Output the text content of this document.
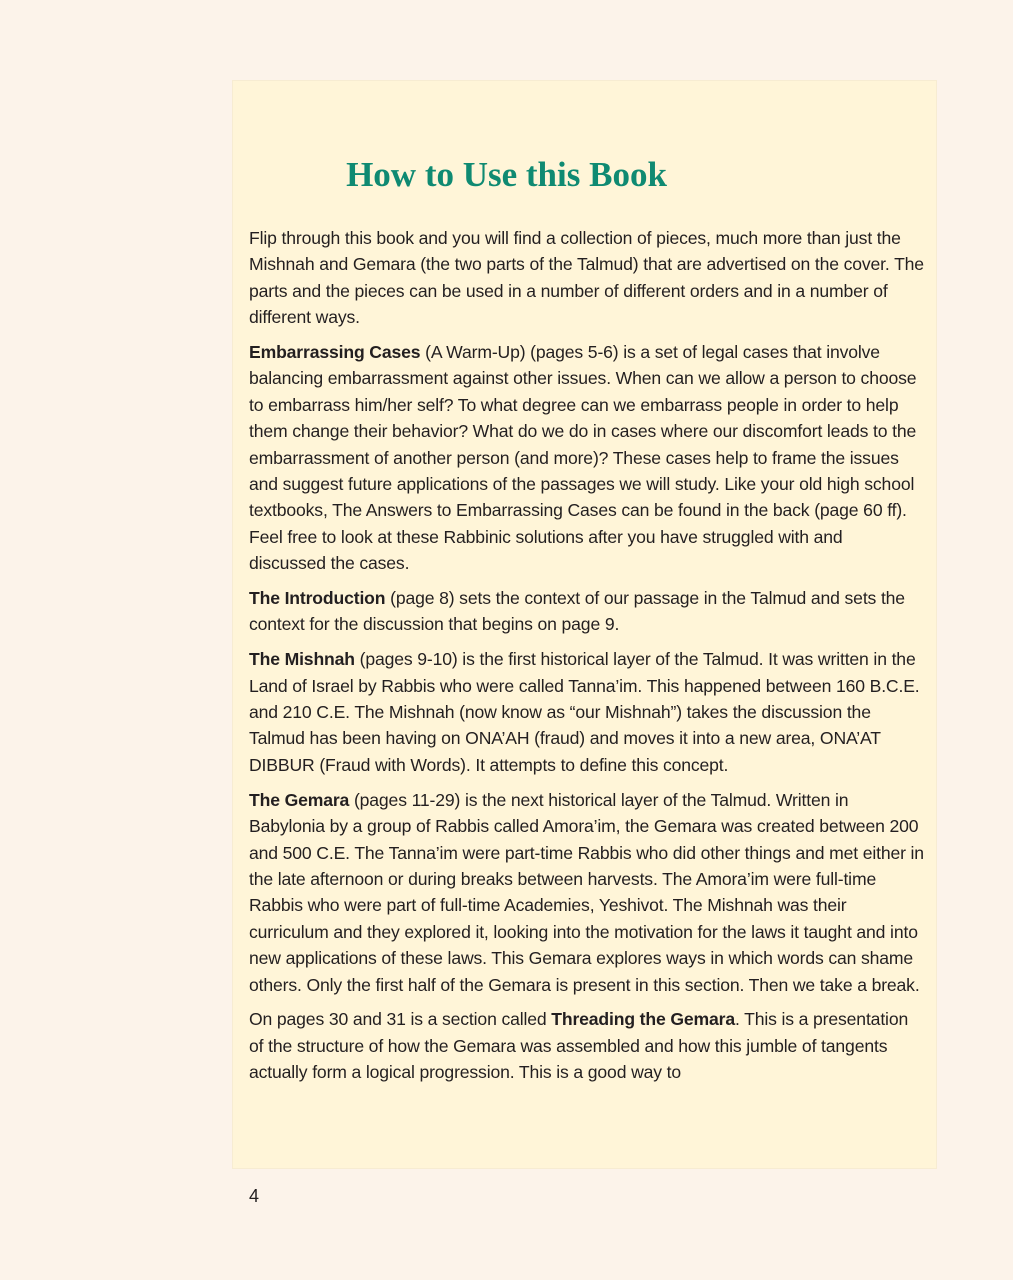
How to Use this Book

Flip through this book and you will find a collection of pieces, much more than just the Mishnah and Gemara (the two parts of the Talmud) that are advertised on the cover. The parts and the pieces can be used in a number of different orders and in a number of different ways.

Embarrassing Cases (A Warm-Up) (pages 5-6) is a set of legal cases that involve balancing embarrassment against other issues. When can we allow a person to choose to embarrass him/her self? To what degree can we embarrass people in order to help them change their behavior? What do we do in cases where our discomfort leads to the embarrassment of another person (and more)? These cases help to frame the issues and suggest future applications of the passages we will study. Like your old high school textbooks, The Answers to Embarrassing Cases can be found in the back (page 60 ff). Feel free to look at these Rabbinic solutions after you have struggled with and discussed the cases.

The Introduction (page 8) sets the context of our passage in the Talmud and sets the context for the discussion that begins on page 9.

The Mishnah (pages 9-10) is the first historical layer of the Talmud. It was written in the Land of Israel by Rabbis who were called Tanna’im. This happened between 160 B.C.E. and 210 C.E. The Mishnah (now know as “our Mishnah”) takes the discussion the Talmud has been having on ONA’AH (fraud) and moves it into a new area, ONA’AT DIBBUR (Fraud with Words). It attempts to define this concept.

The Gemara (pages 11-29) is the next historical layer of the Talmud. Written in Babylonia by a group of Rabbis called Amora’im, the Gemara was created between 200 and 500 C.E. The Tanna’im were part-time Rabbis who did other things and met either in the late afternoon or during breaks between harvests. The Amora’im were full-time Rabbis who were part of full-time Academies, Yeshivot. The Mishnah was their curriculum and they explored it, looking into the motivation for the laws it taught and into new applications of these laws. This Gemara explores ways in which words can shame others. Only the first half of the Gemara is present in this section. Then we take a break.

On pages 30 and 31 is a section called Threading the Gemara. This is a presentation of the structure of how the Gemara was assembled and how this jumble of tangents actually form a logical progression. This is a good way to

4
